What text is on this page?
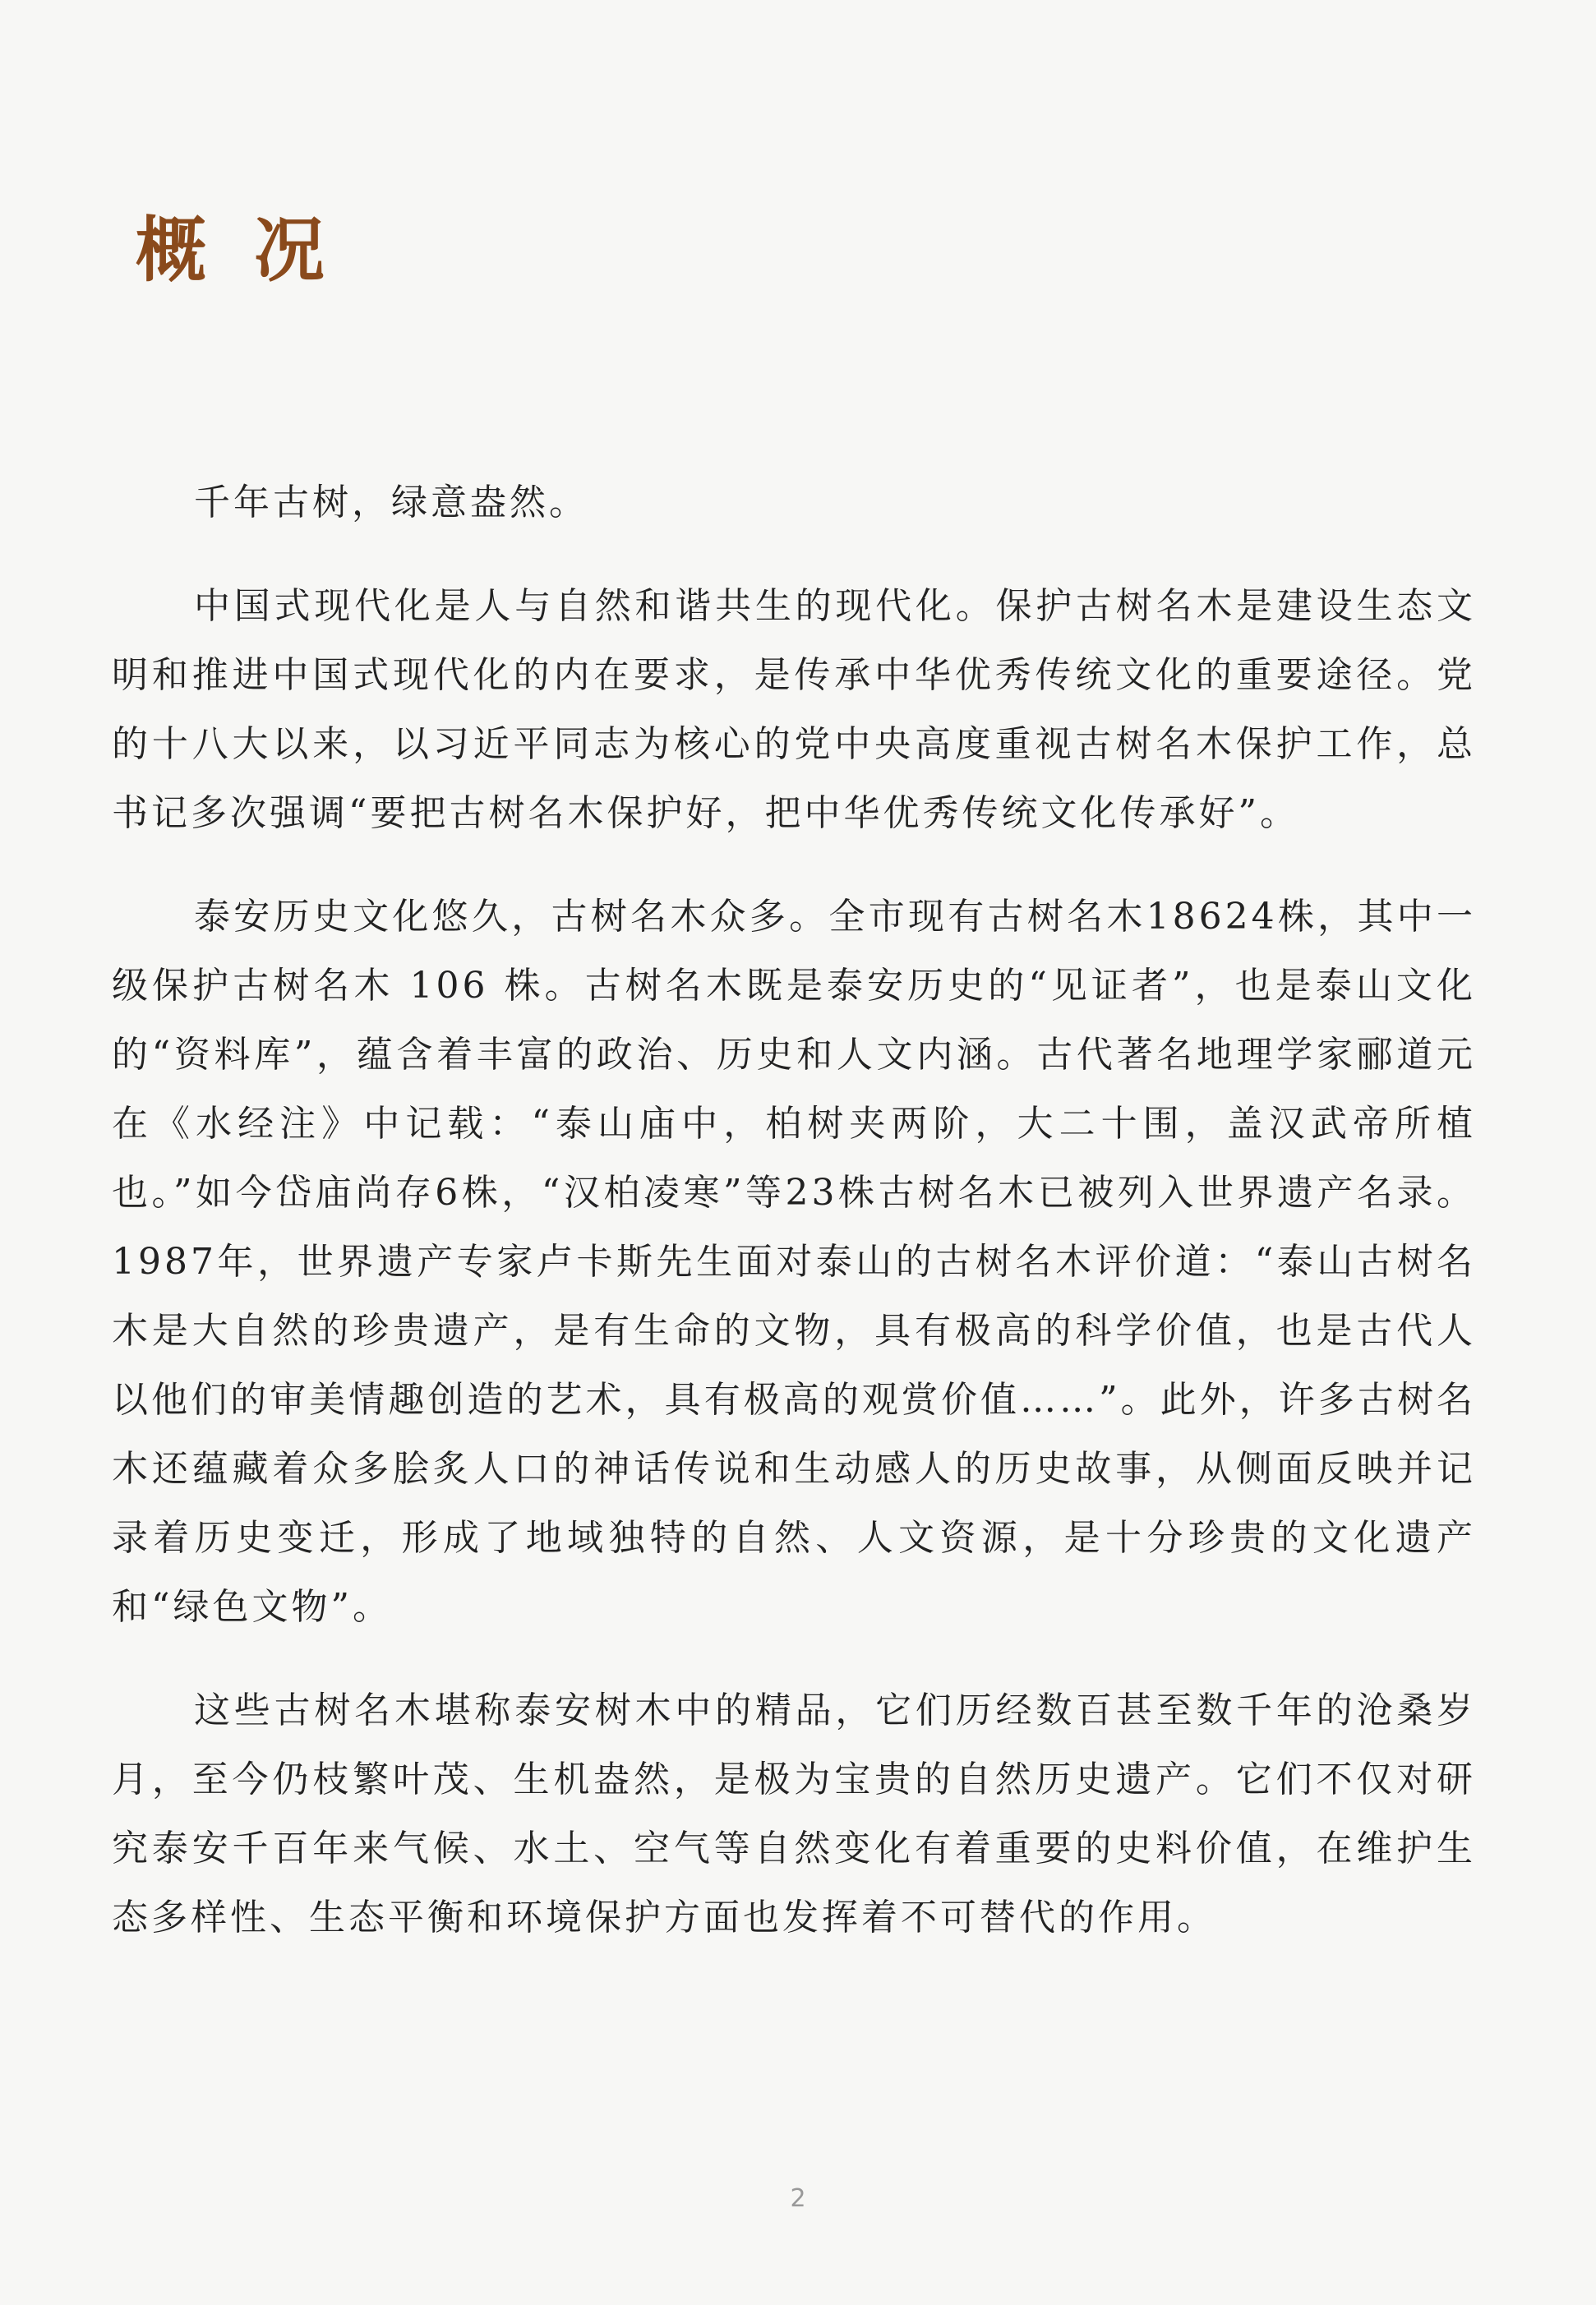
概 况

千年古树，绿意盎然。

中国式现代化是人与自然和谐共生的现代化。保护古树名木是建设生态文明和推进中国式现代化的内在要求，是传承中华优秀传统文化的重要途径。党的十八大以来，以习近平同志为核心的党中央高度重视古树名木保护工作，总书记多次强调“要把古树名木保护好，把中华优秀传统文化传承好”。

泰安历史文化悠久，古树名木众多。全市现有古树名木18624株，其中一级保护古树名木 106 株。古树名木既是泰安历史的“见证者”，也是泰山文化的“资料库”，蕴含着丰富的政治、历史和人文内涵。古代著名地理学家郦道元在《水经注》中记载：“泰山庙中，柏树夹两阶，大二十围，盖汉武帝所植也。”如今岱庙尚存6株，“汉柏凌寒”等23株古树名木已被列入世界遗产名录。1987年，世界遗产专家卢卡斯先生面对泰山的古树名木评价道：“泰山古树名木是大自然的珍贵遗产，是有生命的文物，具有极高的科学价值，也是古代人以他们的审美情趣创造的艺术，具有极高的观赏价值……”。此外，许多古树名木还蕴藏着众多脍炙人口的神话传说和生动感人的历史故事，从侧面反映并记录着历史变迁，形成了地域独特的自然、人文资源，是十分珍贵的文化遗产和“绿色文物”。

这些古树名木堪称泰安树木中的精品，它们历经数百甚至数千年的沧桑岁月，至今仍枝繁叶茂、生机盎然，是极为宝贵的自然历史遗产。它们不仅对研究泰安千百年来气候、水土、空气等自然变化有着重要的史料价值，在维护生态多样性、生态平衡和环境保护方面也发挥着不可替代的作用。

2
